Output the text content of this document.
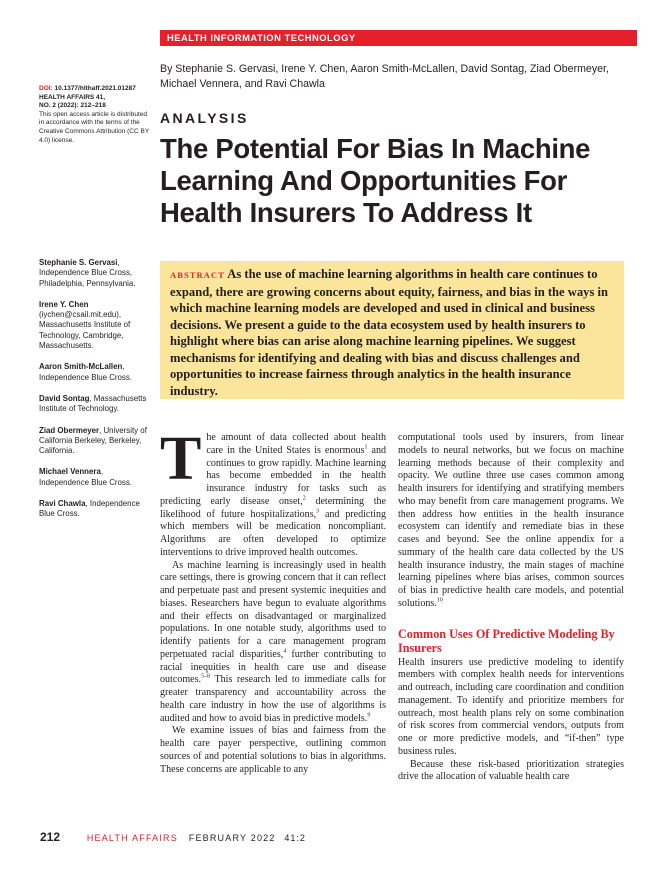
HEALTH INFORMATION TECHNOLOGY
DOI: 10.1377/hlthaff.2021.01287
HEALTH AFFAIRS 41,
NO. 2 (2022): 212–218
This open access article is distributed in accordance with the terms of the Creative Commons Attribution (CC BY 4.0) license.
By Stephanie S. Gervasi, Irene Y. Chen, Aaron Smith-McLallen, David Sontag, Ziad Obermeyer, Michael Vennera, and Ravi Chawla
ANALYSIS
The Potential For Bias In Machine Learning And Opportunities For Health Insurers To Address It
Stephanie S. Gervasi, Independence Blue Cross, Philadelphia, Pennsylvania.
Irene Y. Chen (iychen@csail.mit.edu), Massachusetts Institute of Technology, Cambridge, Massachusetts.
Aaron Smith-McLallen, Independence Blue Cross.
David Sontag, Massachusetts Institute of Technology.
Ziad Obermeyer, University of California Berkeley, Berkeley, California.
Michael Vennera, Independence Blue Cross.
Ravi Chawla, Independence Blue Cross.
ABSTRACT As the use of machine learning algorithms in health care continues to expand, there are growing concerns about equity, fairness, and bias in the ways in which machine learning models are developed and used in clinical and business decisions. We present a guide to the data ecosystem used by health insurers to highlight where bias can arise along machine learning pipelines. We suggest mechanisms for identifying and dealing with bias and discuss challenges and opportunities to increase fairness through analytics in the health insurance industry.

The amount of data collected about health care in the United States is enormous$^1$ and continues to grow rapidly. Machine learning has become embedded in the health insurance industry for tasks such as predicting early disease onset,$^2$ determining the likelihood of future hospitalizations,$^3$ and predicting which members will be medication noncompliant. Algorithms are often developed to optimize interventions to drive improved health outcomes.

As machine learning is increasingly used in health care settings, there is growing concern that it can reflect and perpetuate past and present systemic inequities and biases. Researchers have begun to evaluate algorithms and their effects on disadvantaged or marginalized populations. In one notable study, algorithms used to identify patients for a care management program perpetuated racial disparities,$^4$ further contributing to racial inequities in health care use and disease outcomes.$^{5-8}$ This research led to immediate calls for greater transparency and accountability across the health care industry in how the use of algorithms is audited and how to avoid bias in predictive models.$^9$

We examine issues of bias and fairness from the health care payer perspective, outlining common sources of and potential solutions to bias in algorithms. These concerns are applicable to any

computational tools used by insurers, from linear models to neural networks, but we focus on machine learning methods because of their complexity and opacity. We outline three use cases common among health insurers for identifying and stratifying members who may benefit from care management programs. We then address how entities in the health insurance ecosystem can identify and remediate bias in these cases and beyond. See the online appendix for a summary of the health care data collected by the US health insurance industry, the main stages of machine learning pipelines where bias arises, common sources of bias in predictive health care models, and potential solutions.$^{10}$

Common Uses Of Predictive Modeling By Insurers

Health insurers use predictive modeling to identify members with complex health needs for interventions and outreach, including care coordination and condition management. To identify and prioritize members for outreach, most health plans rely on some combination of risk scores from commercial vendors, outputs from one or more predictive models, and “if-then” type business rules.

Because these risk-based prioritization strategies drive the allocation of valuable health care

212	HEALTH AFFAIRS FEBRUARY 2022 41:2
